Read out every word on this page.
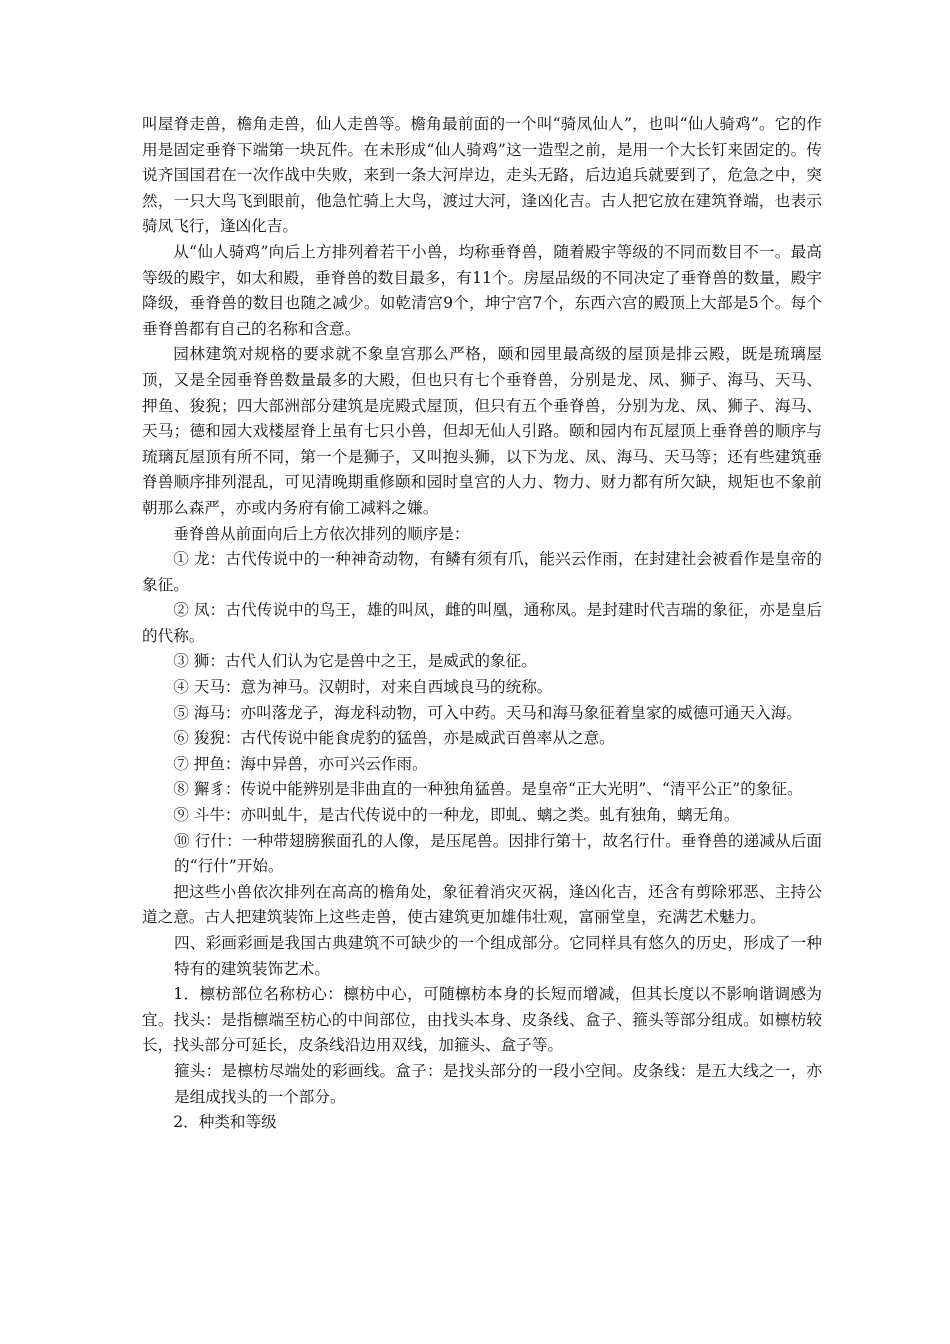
叫屋脊走兽，檐角走兽，仙人走兽等。檐角最前面的一个叫“骑凤仙人”，也叫“仙人骑鸡”。它的作用是固定垂脊下端第一块瓦件。在未形成“仙人骑鸡”这一造型之前，是用一个大长钉来固定的。传说齐国国君在一次作战中失败，来到一条大河岸边，走头无路，后边追兵就要到了，危急之中，突然，一只大鸟飞到眼前，他急忙骑上大鸟，渡过大河，逢凶化吉。古人把它放在建筑脊端，也表示骑凤飞行，逢凶化吉。

从“仙人骑鸡”向后上方排列着若干小兽，均称垂脊兽，随着殿宇等级的不同而数目不一。最高等级的殿宇，如太和殿，垂脊兽的数目最多，有11个。房屋品级的不同决定了垂脊兽的数量，殿宇降级，垂脊兽的数目也随之减少。如乾清宫9个，坤宁宫7个，东西六宫的殿顶上大部是5个。每个垂脊兽都有自己的名称和含意。

园林建筑对规格的要求就不象皇宫那么严格，颐和园里最高级的屋顶是排云殿，既是琉璃屋顶，又是全园垂脊兽数量最多的大殿，但也只有七个垂脊兽，分别是龙、凤、狮子、海马、天马、押鱼、狻猊；四大部洲部分建筑是庑殿式屋顶，但只有五个垂脊兽，分别为龙、凤、狮子、海马、天马；德和园大戏楼屋脊上虽有七只小兽，但却无仙人引路。颐和园内布瓦屋顶上垂脊兽的顺序与琉璃瓦屋顶有所不同，第一个是狮子，又叫抱头狮，以下为龙、凤、海马、天马等；还有些建筑垂脊兽顺序排列混乱，可见清晚期重修颐和园时皇宫的人力、物力、财力都有所欠缺，规矩也不象前朝那么森严，亦或内务府有偷工减料之嫌。

垂脊兽从前面向后上方依次排列的顺序是：

① 龙：古代传说中的一种神奇动物，有鳞有须有爪，能兴云作雨，在封建社会被看作是皇帝的象征。

② 凤：古代传说中的鸟王，雄的叫凤，雌的叫凰，通称凤。是封建时代吉瑞的象征，亦是皇后的代称。

③ 狮：古代人们认为它是兽中之王，是威武的象征。

④ 天马：意为神马。汉朝时，对来自西域良马的统称。

⑤ 海马：亦叫落龙子，海龙科动物，可入中药。天马和海马象征着皇家的威德可通天入海。

⑥ 狻猊：古代传说中能食虎豹的猛兽，亦是威武百兽率从之意。

⑦ 押鱼：海中异兽，亦可兴云作雨。

⑧ 獬豸：传说中能辨别是非曲直的一种独角猛兽。是皇帝“正大光明”、“清平公正”的象征。

⑨ 斗牛：亦叫虬牛，是古代传说中的一种龙，即虬、螭之类。虬有独角，螭无角。

⑩ 行什：一种带翅膀猴面孔的人像，是压尾兽。因排行第十，故名行什。垂脊兽的递减从后面的“行什”开始。

把这些小兽依次排列在高高的檐角处，象征着消灾灭祸，逢凶化吉，还含有剪除邪恶、主持公道之意。古人把建筑装饰上这些走兽，使古建筑更加雄伟壮观，富丽堂皇，充满艺术魅力。

四、彩画彩画是我国古典建筑不可缺少的一个组成部分。它同样具有悠久的历史，形成了一种特有的建筑装饰艺术。

1．檩枋部位名称枋心：檩枋中心，可随檩枋本身的长短而增减，但其长度以不影响谐调感为宜。找头：是指檩端至枋心的中间部位，由找头本身、皮条线、盒子、箍头等部分组成。如檩枋较长，找头部分可延长，皮条线沿边用双线，加箍头、盒子等。

箍头：是檩枋尽端处的彩画线。盒子：是找头部分的一段小空间。皮条线：是五大线之一，亦是组成找头的一个部分。

2．种类和等级
